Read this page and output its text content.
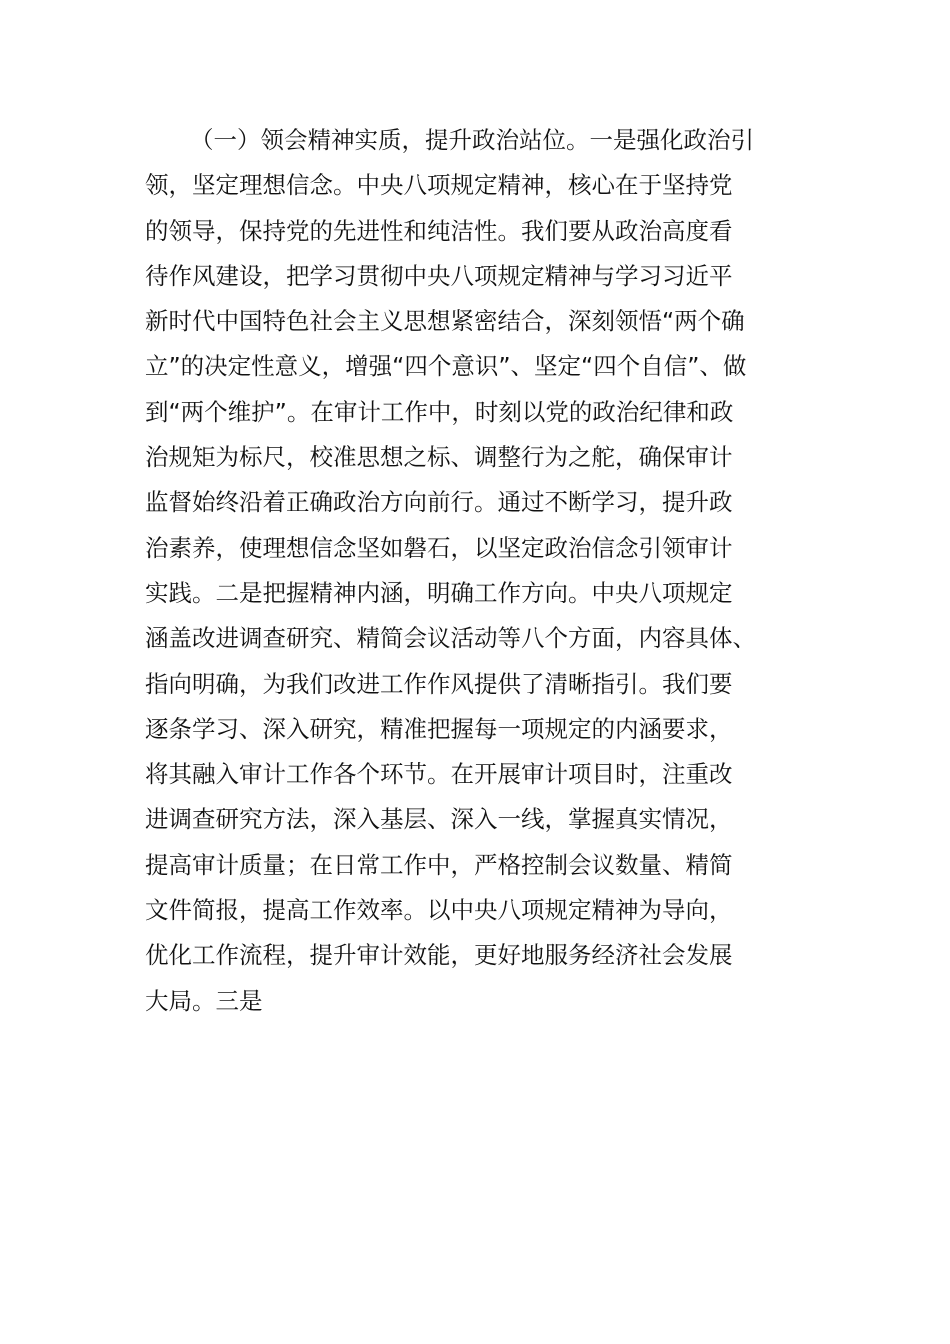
（一）领会精神实质，提升政治站位。一是强化政治引
领，坚定理想信念。中央八项规定精神，核心在于坚持党
的领导，保持党的先进性和纯洁性。我们要从政治高度看
待作风建设，把学习贯彻中央八项规定精神与学习习近平
新时代中国特色社会主义思想紧密结合，深刻领悟“两个确
立”的决定性意义，增强“四个意识”、坚定“四个自信”、做
到“两个维护”。在审计工作中，时刻以党的政治纪律和政
治规矩为标尺，校准思想之标、调整行为之舵，确保审计
监督始终沿着正确政治方向前行。通过不断学习，提升政
治素养，使理想信念坚如磐石，以坚定政治信念引领审计
实践。二是把握精神内涵，明确工作方向。中央八项规定
涵盖改进调查研究、精简会议活动等八个方面，内容具体、
指向明确，为我们改进工作作风提供了清晰指引。我们要
逐条学习、深入研究，精准把握每一项规定的内涵要求，
将其融入审计工作各个环节。在开展审计项目时，注重改
进调查研究方法，深入基层、深入一线，掌握真实情况，
提高审计质量；在日常工作中，严格控制会议数量、精简
文件简报，提高工作效率。以中央八项规定精神为导向，
优化工作流程，提升审计效能，更好地服务经济社会发展
大局。三是
